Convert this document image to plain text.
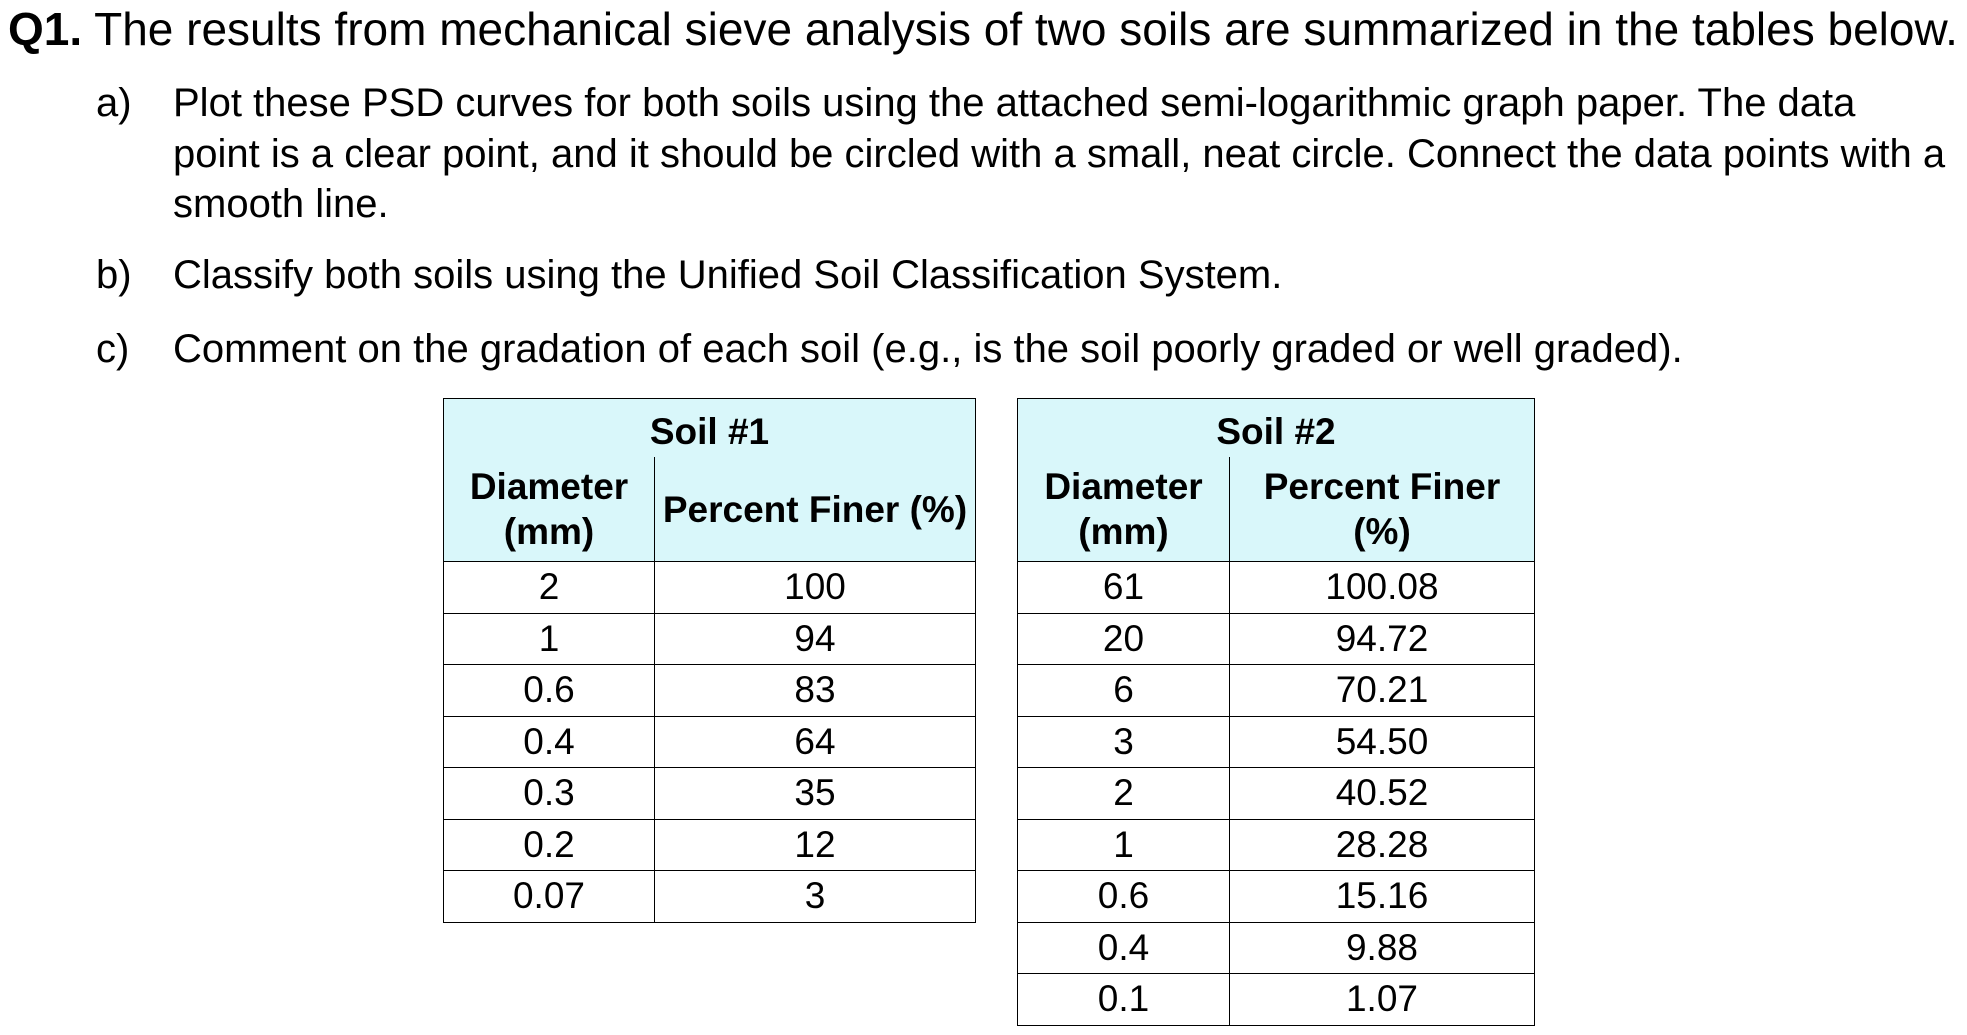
Q1. The results from mechanical sieve analysis of two soils are summarized in the tables below.
a) Plot these PSD curves for both soils using the attached semi-logarithmic graph paper. The data point is a clear point, and it should be circled with a small, neat circle. Connect the data points with a smooth line.
b) Classify both soils using the Unified Soil Classification System.
c) Comment on the gradation of each soil (e.g., is the soil poorly graded or well graded).
Soil #1	
Diameter (mm)	Percent Finer (%)
2	100
1	94
0.6	83
0.4	64
0.3	35
0.2	12
0.07	3
Soil #2	
Diameter (mm)	Percent Finer (%)
61	100.08
20	94.72
6	70.21
3	54.50
2	40.52
1	28.28
0.6	15.16
0.4	9.88
0.1	1.07
